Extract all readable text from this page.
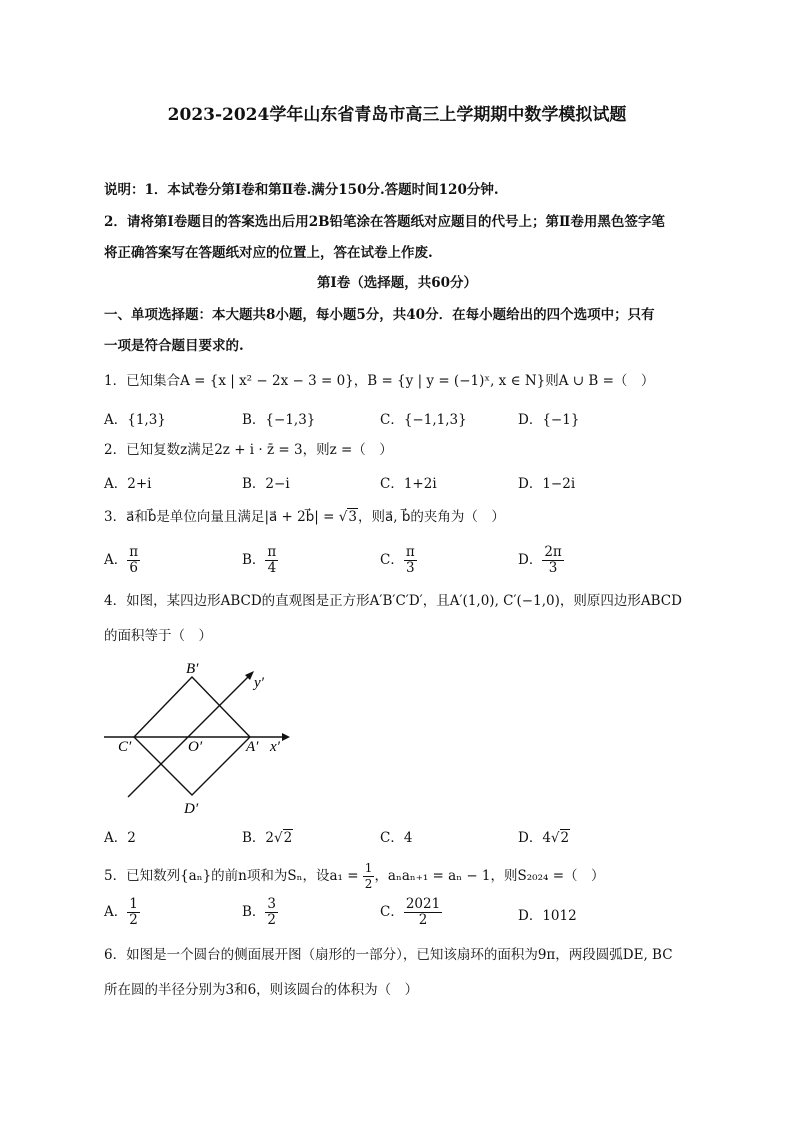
2023-2024学年山东省青岛市高三上学期期中数学模拟试题
说明：1．本试卷分第Ⅰ卷和第Ⅱ卷.满分150分.答题时间120分钟.
2．请将第Ⅰ卷题目的答案选出后用2B铅笔涂在答题纸对应题目的代号上；第Ⅱ卷用黑色签字笔
将正确答案写在答题纸对应的位置上，答在试卷上作废.
第Ⅰ卷（选择题，共60分）
一、单项选择题：本大题共8小题，每小题5分，共40分．在每小题给出的四个选项中；只有
一项是符合题目要求的.
1．已知集合A = {x | x² − 2x − 3 = 0}，B = {y | y = (−1)ˣ, x ∈ N}则A ∪ B =（　）
A．{1,3}	B．{−1,3}	C．{−1,1,3}	D．{−1}
2．已知复数z满足2z + i · z̄ = 3，则z =（　）
A．2+i	B．2−i	C．1+2i	D．1−2i
3．a⃗和b⃗是单位向量且满足|a⃗ + 2b⃗| = √3，则a⃗, b⃗的夹角为（　）
A． $\frac{\pi}{6}$	B． $\frac{\pi}{4}$	C． $\frac{\pi}{3}$	D． $\frac{2\pi}{3}$
4．如图，某四边形ABCD的直观图是正方形A′B′C′D′，且A′(1,0), C′(−1,0)，则原四边形ABCD
的面积等于（　）
B′
y′
C′	O′	A′ x′
D′
A．2	B．2√2	C．4	D．4√2
5．已知数列{aₙ}的前n项和为Sₙ，设$a_1 = \frac{1}{2}$ ，aₙaₙ₊₁ = aₙ − 1，则S₂₀₂₄ =（　）
A． $\frac{1}{2}$	B． $\frac{3}{2}$	C． $\frac{2021}{2}$	D．1012
6．如图是一个圆台的侧面展开图（扇形的一部分），已知该扇环的面积为9π，两段圆弧DE, BC
所在圆的半径分别为3和6，则该圆台的体积为（　）
